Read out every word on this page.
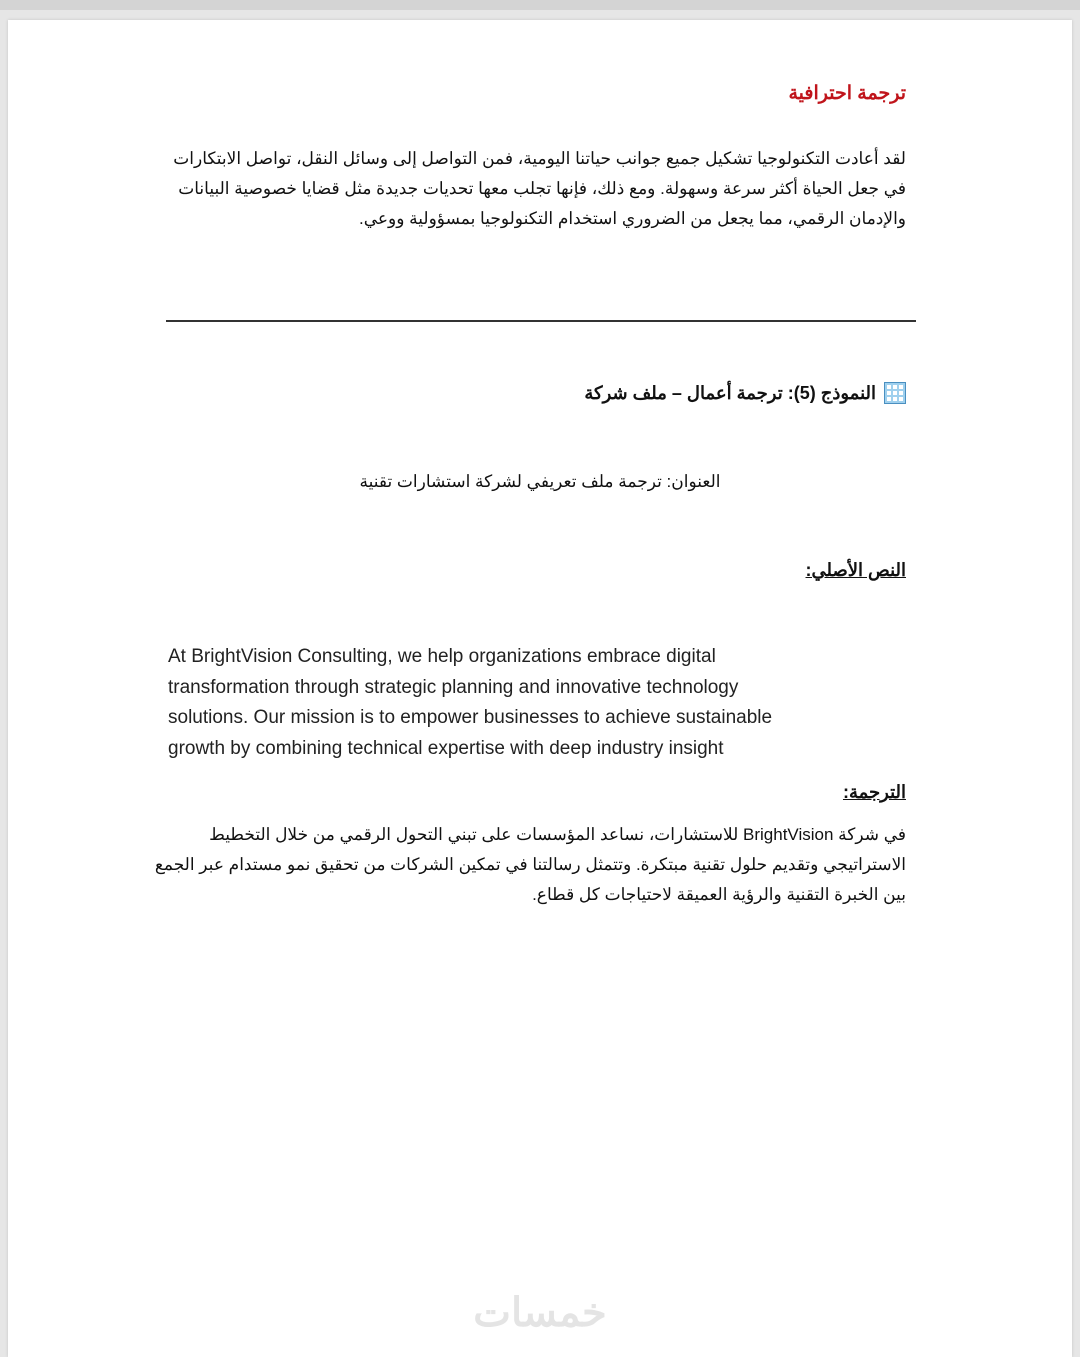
ترجمة احترافية
لقد أعادت التكنولوجيا تشكيل جميع جوانب حياتنا اليومية، فمن التواصل إلى وسائل النقل، تواصل الابتكارات
في جعل الحياة أكثر سرعة وسهولة. ومع ذلك، فإنها تجلب معها تحديات جديدة مثل قضايا خصوصية البيانات
والإدمان الرقمي، مما يجعل من الضروري استخدام التكنولوجيا بمسؤولية ووعي.
النموذج (5): ترجمة أعمال – ملف شركة
العنوان: ترجمة ملف تعريفي لشركة استشارات تقنية
النص الأصلي:
At BrightVision Consulting, we help organizations embrace digital
transformation through strategic planning and innovative technology
solutions. Our mission is to empower businesses to achieve sustainable
growth by combining technical expertise with deep industry insight
الترجمة:
في شركة BrightVision للاستشارات، نساعد المؤسسات على تبني التحول الرقمي من خلال التخطيط
الاستراتيجي وتقديم حلول تقنية مبتكرة. وتتمثل رسالتنا في تمكين الشركات من تحقيق نمو مستدام عبر الجمع
بين الخبرة التقنية والرؤية العميقة لاحتياجات كل قطاع.
خمسات
